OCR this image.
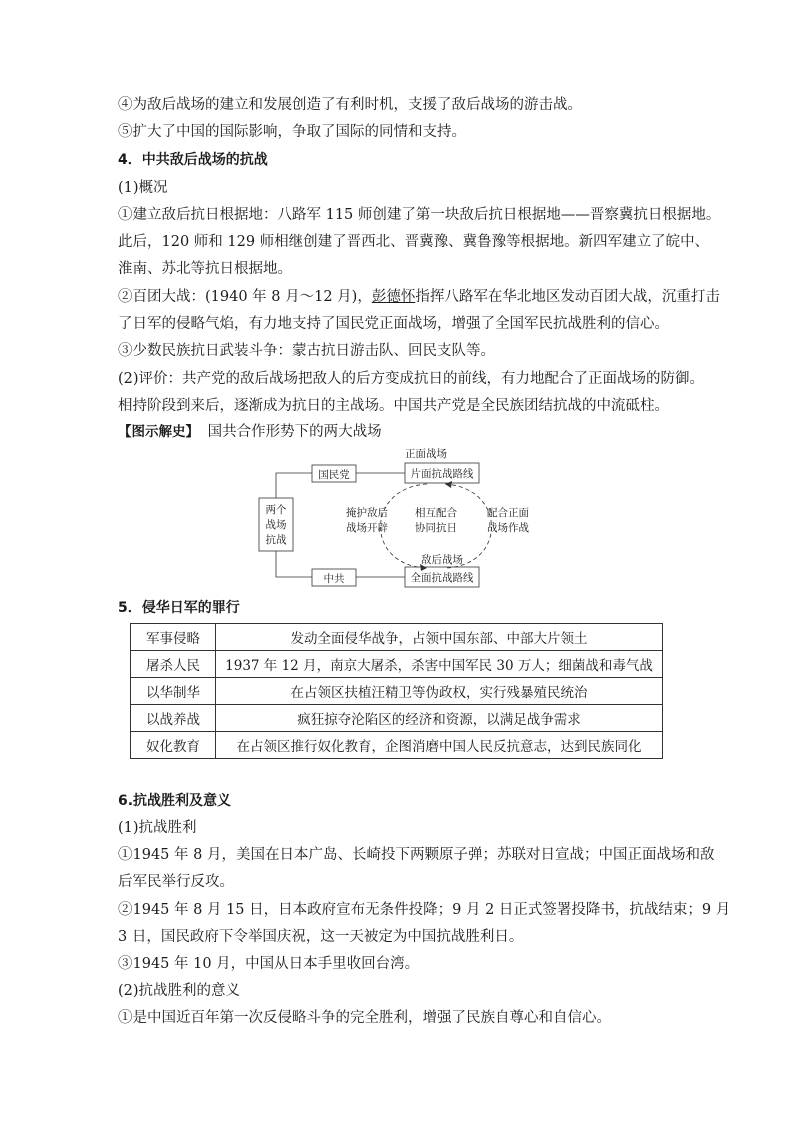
④为敌后战场的建立和发展创造了有利时机，支援了敌后战场的游击战。
⑤扩大了中国的国际影响，争取了国际的同情和支持。
4．中共敌后战场的抗战
(1)概况
①建立敌后抗日根据地：八路军 115 师创建了第一块敌后抗日根据地——晋察冀抗日根据地。
此后，120 师和 129 师相继创建了晋西北、晋冀豫、冀鲁豫等根据地。新四军建立了皖中、
淮南、苏北等抗日根据地。
②百团大战：(1940 年 8 月～12 月)，彭德怀指挥八路军在华北地区发动百团大战，沉重打击
了日军的侵略气焰，有力地支持了国民党正面战场，增强了全国军民抗战胜利的信心。
③少数民族抗日武装斗争：蒙古抗日游击队、回民支队等。
(2)评价：共产党的敌后战场把敌人的后方变成抗日的前线，有力地配合了正面战场的防御。
相持阶段到来后，逐渐成为抗日的主战场。中国共产党是全民族团结抗战的中流砥柱。
【图示解史】 国共合作形势下的两大战场
正面战场
国民党	片面抗战路线
两个
战场
抗战
掩护敌后
战场开辟
相互配合
协同抗日
配合正面
战场作战
敌后战场
中共	全面抗战路线
5．侵华日军的罪行
军事侵略	发动全面侵华战争，占领中国东部、中部大片领土
屠杀人民	1937 年 12 月，南京大屠杀，杀害中国军民 30 万人；细菌战和毒气战
以华制华	在占领区扶植汪精卫等伪政权，实行残暴殖民统治
以战养战	疯狂掠夺沦陷区的经济和资源，以满足战争需求
奴化教育	在占领区推行奴化教育，企图消磨中国人民反抗意志，达到民族同化
6.抗战胜利及意义
(1)抗战胜利
①1945 年 8 月，美国在日本广岛、长崎投下两颗原子弹；苏联对日宣战；中国正面战场和敌
后军民举行反攻。
②1945 年 8 月 15 日，日本政府宣布无条件投降；9 月 2 日正式签署投降书，抗战结束；9 月
3 日，国民政府下令举国庆祝，这一天被定为中国抗战胜利日。
③1945 年 10 月，中国从日本手里收回台湾。
(2)抗战胜利的意义
①是中国近百年第一次反侵略斗争的完全胜利，增强了民族自尊心和自信心。
